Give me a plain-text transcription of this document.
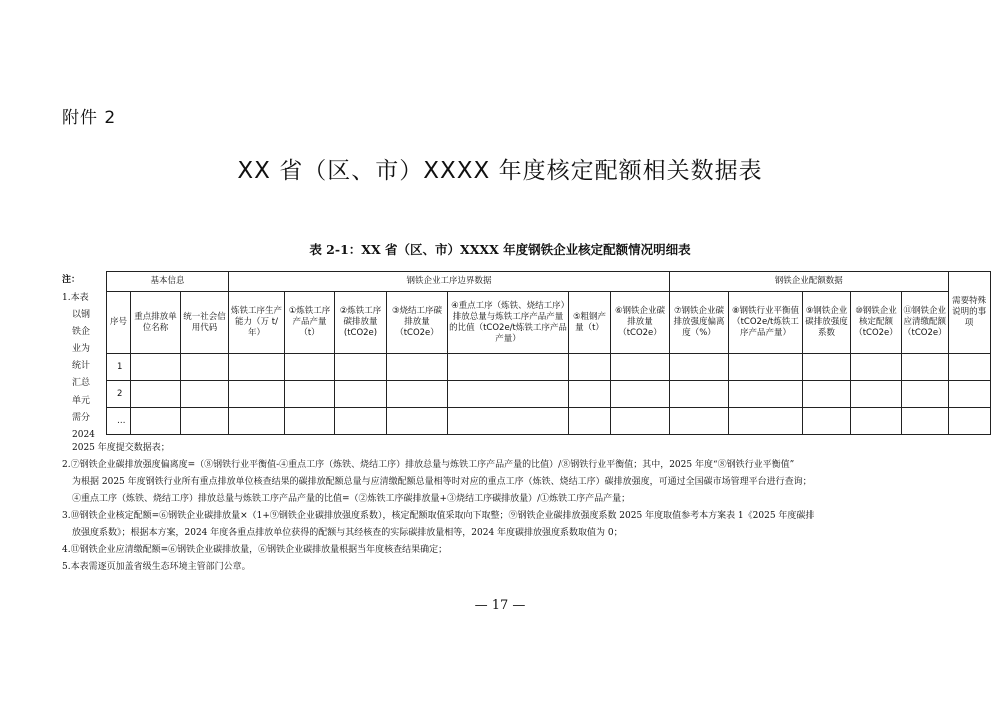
附件 2
XX 省（区、市）XXXX 年度核定配额相关数据表
表 2-1：XX 省（区、市）XXXX 年度钢铁企业核定配额情况明细表
注：
1.本表
以钢
铁企
业为
统计
汇总
单元
需分
2024
基本信息			钢铁企业工序边界数据							钢铁企业配额数据					需要特殊说明的事项
序号	重点排放单位名称	统一社会信用代码	炼铁工序生产能力（万 t/年）	①炼铁工序产品产量（t）	②炼铁工序碳排放量(tCO2e)	③烧结工序碳排放量（tCO2e）	④重点工序（炼铁、烧结工序）排放总量与炼铁工序产品产量的比值（tCO2e/t炼铁工序产品产量）	⑤粗钢产量（t）	⑥钢铁企业碳排放量（tCO2e）	⑦钢铁企业碳排放强度偏离度（%）	⑧钢铁行业平衡值（tCO2e/t炼铁工序产品产量）	⑨钢铁企业碳排放强度系数	⑩钢铁企业核定配额（tCO2e）	⑪钢铁企业应清缴配额（tCO2e）	
1															
2															
…															

2025 年度提交数据表；

2.⑦钢铁企业碳排放强度偏离度=（⑧钢铁行业平衡值-④重点工序（炼铁、烧结工序）排放总量与炼铁工序产品产量的比值）/⑧钢铁行业平衡值；其中，2025 年度“⑧钢铁行业平衡值”

为根据 2025 年度钢铁行业所有重点排放单位核查结果的碳排放配额总量与应清缴配额总量相等时对应的重点工序（炼铁、烧结工序）碳排放强度，可通过全国碳市场管理平台进行查询；

④重点工序（炼铁、烧结工序）排放总量与炼铁工序产品产量的比值=（②炼铁工序碳排放量+③烧结工序碳排放量）/①炼铁工序产品产量；

3.⑩钢铁企业核定配额=⑥钢铁企业碳排放量×（1+⑨钢铁企业碳排放强度系数），核定配额取值采取向下取整；⑨钢铁企业碳排放强度系数 2025 年度取值参考本方案表 1《2025 年度碳排

放强度系数》；根据本方案，2024 年度各重点排放单位获得的配额与其经核查的实际碳排放量相等，2024 年度碳排放强度系数取值为 0；

4.⑪钢铁企业应清缴配额=⑥钢铁企业碳排放量，⑥钢铁企业碳排放量根据当年度核查结果确定；

5.本表需逐页加盖省级生态环境主管部门公章。

— 17 —
